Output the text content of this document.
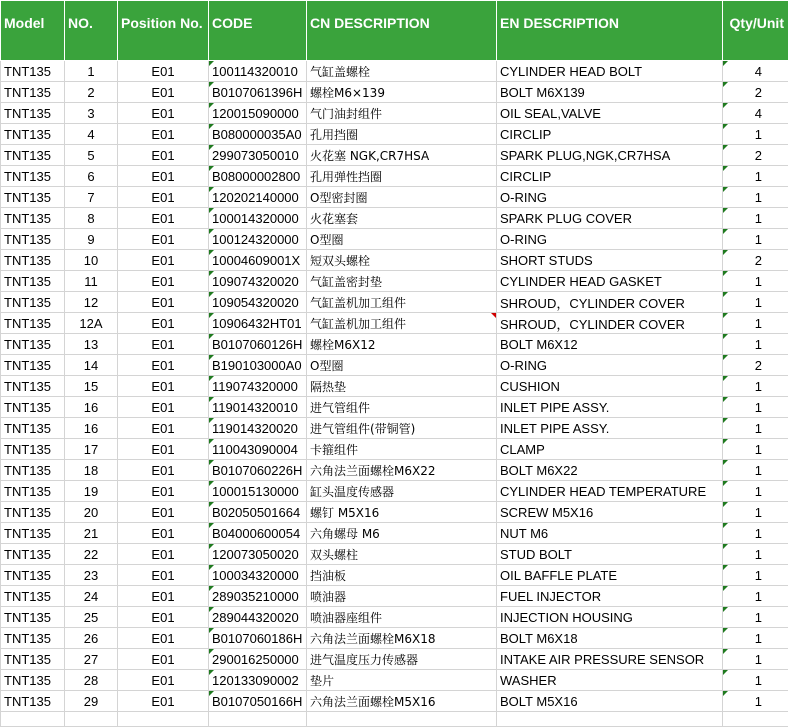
Model	NO.	Position No.	CODE	CN DESCRIPTION	EN DESCRIPTION	Qty/Unit
TNT135	1	E01	100114320010	气缸盖螺栓	CYLINDER HEAD BOLT	4

TNT135	2	E01	B0107061396H	螺栓M6×139	BOLT M6X139	2

TNT135	3	E01	120015090000	气门油封组件	OIL SEAL,VALVE	4

TNT135	4	E01	B080000035A0	孔用挡圈	CIRCLIP	1

TNT135	5	E01	299073050010	火花塞 NGK,CR7HSA	SPARK PLUG,NGK,CR7HSA	2

TNT135	6	E01	B08000002800	孔用弹性挡圈	CIRCLIP	1

TNT135	7	E01	120202140000	O型密封圈	O-RING	1

TNT135	8	E01	100014320000	火花塞套	SPARK PLUG COVER	1

TNT135	9	E01	100124320000	O型圈	O-RING	1

TNT135	10	E01	10004609001X	短双头螺栓	SHORT STUDS	2

TNT135	11	E01	109074320020	气缸盖密封垫	CYLINDER HEAD GASKET	1

TNT135	12	E01	109054320020	气缸盖机加工组件	SHROUD，CYLINDER COVER	1

TNT135	12A	E01	10906432HT01	气缸盖机加工组件	SHROUD，CYLINDER COVER	1

TNT135	13	E01	B0107060126H	螺栓M6X12	BOLT M6X12	1

TNT135	14	E01	B190103000A0	O型圈	O-RING	2

TNT135	15	E01	119074320000	隔热垫	CUSHION	1

TNT135	16	E01	119014320010	进气管组件	INLET PIPE ASSY.	1

TNT135	16	E01	119014320020	进气管组件(带铜管)	INLET PIPE ASSY.	1

TNT135	17	E01	110043090004	卡箍组件	CLAMP	1

TNT135	18	E01	B0107060226H	六角法兰面螺栓M6X22	BOLT M6X22	1

TNT135	19	E01	100015130000	缸头温度传感器	CYLINDER HEAD TEMPERATURE	1

TNT135	20	E01	B02050501664	螺钉 M5X16	SCREW M5X16	1

TNT135	21	E01	B04000600054	六角螺母 M6	NUT M6	1

TNT135	22	E01	120073050020	双头螺柱	STUD BOLT	1

TNT135	23	E01	100034320000	挡油板	OIL BAFFLE PLATE	1

TNT135	24	E01	289035210000	喷油器	FUEL INJECTOR	1

TNT135	25	E01	289044320020	喷油器座组件	INJECTION HOUSING	1

TNT135	26	E01	B0107060186H	六角法兰面螺栓M6X18	BOLT M6X18	1

TNT135	27	E01	290016250000	进气温度压力传感器	INTAKE AIR PRESSURE SENSOR	1

TNT135	28	E01	120133090002	垫片	WASHER	1

TNT135	29	E01	B0107050166H	六角法兰面螺栓M5X16	BOLT M5X16	1
